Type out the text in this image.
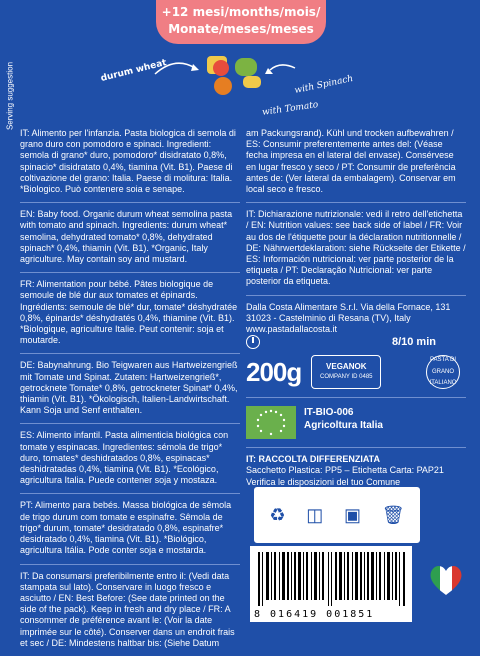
+12 mesi/months/mois/
Monate/meses/meses
Serving suggestion	durum wheat
with Spinach
with Tomato
IT: Alimento per l'infanzia. Pasta biologica di semola di grano duro con pomodoro e spinaci. Ingredienti: semola di grano* duro, pomodoro* disidratato 0,8%, spinacio* disidratato 0,4%, tiamina (Vit. B1). Paese di coltivazione del grano: Italia. Paese di molitura: Italia. *Biologico. Può contenere soia e senape.
EN: Baby food. Organic durum wheat semolina pasta with tomato and spinach. Ingredients: durum wheat* semolina, dehydrated tomato* 0,8%, dehydrated spinach* 0,4%, thiamin (Vit. B1). *Organic, Italy agriculture. May contain soy and mustard.
FR: Alimentation pour bébé. Pâtes biologique de semoule de blé dur aux tomates et épinards. Ingrédients: semoule de blé* dur, tomate* déshydratée 0,8%, épinards* déshydratés 0,4%, thiamine (Vit. B1). *Biologique, agriculture Italie. Peut contenir: soja et moutarde.
DE: Babynahrung. Bio Teigwaren aus Hartweizengrieß mit Tomate und Spinat. Zutaten: Hartweizengrieß*, getrocknete Tomate* 0,8%, getrockneter Spinat* 0,4%, thiamin (Vit. B1). *Ökologisch, Italien-Landwirtschaft. Kann Soja und Senf enthalten.
ES: Alimento infantil. Pasta alimenticia biológica con tomate y espinacas. Ingredientes: sémola de trigo* duro, tomates* deshidratados 0,8%, espinacas* deshidratadas 0,4%, tiamina (Vit. B1). *Ecológico, agricultura Italia. Puede contener soja y mostaza.
PT: Alimento para bebés. Massa biológica de sêmola de trigo durum com tomate e espinafre. Sêmola de trigo* durum, tomate* desidratado 0,8%, espinafre* desidratado 0,4%, tiamina (Vit. B1). *Biológico, agricultura Itália. Pode conter soja e mostarda.
IT: Da consumarsi preferibilmente entro il: (Vedi data stampata sul lato). Conservare in luogo fresco e asciutto / EN: Best Before: (See date printed on the side of the pack). Keep in fresh and dry place / FR: A consommer de préférence avant le: (Voir la date imprimée sur le côté). Conserver dans un endroit frais et sec / DE: Mindestens haltbar bis: (Siehe Datum
am Packungsrand). Kühl und trocken aufbewahren / ES: Consumir preferentemente antes del: (Véase fecha impresa en el lateral del envase). Consérvese en lugar fresco y seco / PT: Consumir de preferência antes de: (Ver lateral da embalagem). Conservar em local seco e fresco.
IT: Dichiarazione nutrizionale: vedi il retro dell'etichetta / EN: Nutrition values: see back side of label / FR: Voir au dos de l'étiquette pour la déclaration nutritionnelle / DE: Nährwertdeklaration: siehe Rückseite der Etikette / ES: Información nutricional: ver parte posterior de la etiqueta / PT: Declaração Nutricional: ver parte posterior da etiqueta.
Dalla Costa Alimentare S.r.l. Via della Fornace, 131
31023 - Castelminio di Resana (TV), Italy
www.pastadallacosta.it
8/10 min
200g	VEGANOK
COMPANY ID 0485
PASTA DI GRANO ITALIANO
IT-BIO-006
Agricoltura Italia
IT: RACCOLTA DIFFERENZIATA
Sacchetto Plastica: PP5 – Etichetta Carta: PAP21
Verifica le disposizioni del tuo Comune
♻ ◫ ▣ 🗑
8 016419 001851
